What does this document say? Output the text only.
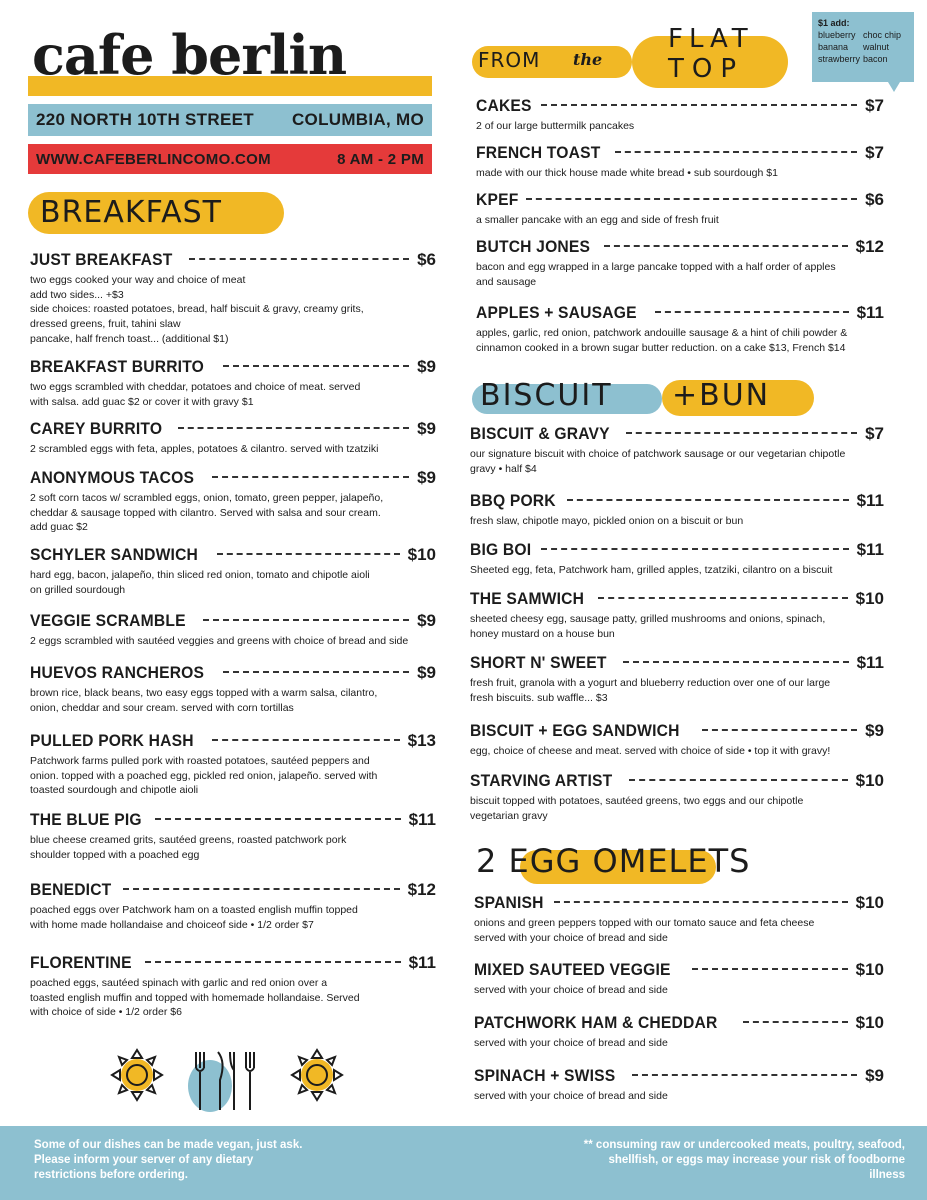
cafe berlin
220 NORTH 10TH STREET COLUMBIA, MO
WWW.CAFEBERLINCOMO.COM	8 AM - 2 PM
BREAKFAST
FROM the
FLAT
TOP
$1 add:
blueberry choc chip
banana	walnut
strawberry bacon
BISCUIT +BUN
2 EGG OMELETS
JUST BREAKFAST	$6
two eggs cooked your way and choice of meat
add two sides... +$3
side choices: roasted potatoes, bread, half biscuit & gravy, creamy grits,
dressed greens, fruit, tahini slaw
pancake, half french toast... (additional $1)
BREAKFAST BURRITO	$9
two eggs scrambled with cheddar, potatoes and choice of meat. served
with salsa. add guac $2 or cover it with gravy $1
CAREY BURRITO	$9
2 scrambled eggs with feta, apples, potatoes & cilantro. served with tzatziki
ANONYMOUS TACOS	$9
2 soft corn tacos w/ scrambled eggs, onion, tomato, green pepper, jalapeño,
cheddar & sausage topped with cilantro. Served with salsa and sour cream.
add guac $2
SCHYLER SANDWICH	$10
hard egg, bacon, jalapeño, thin sliced red onion, tomato and chipotle aioli
on grilled sourdough
VEGGIE SCRAMBLE	$9
2 eggs scrambled with sautéed veggies and greens with choice of bread and side
HUEVOS RANCHEROS	$9
brown rice, black beans, two easy eggs topped with a warm salsa, cilantro,
onion, cheddar and sour cream. served with corn tortillas
PULLED PORK HASH	$13
Patchwork farms pulled pork with roasted potatoes, sautéed peppers and
onion. topped with a poached egg, pickled red onion, jalapeño. served with
toasted sourdough and chipotle aioli
THE BLUE PIG	$11
blue cheese creamed grits, sautéed greens, roasted patchwork pork
shoulder topped with a poached egg
BENEDICT	$12
poached eggs over Patchwork ham on a toasted english muffin topped
with home made hollandaise and choiceof side • 1/2 order $7
FLORENTINE	$11
poached eggs, sautéed spinach with garlic and red onion over a
toasted english muffin and topped with homemade hollandaise. Served
with choice of side • 1/2 order $6
CAKES	$7
2 of our large buttermilk pancakes
FRENCH TOAST	$7
made with our thick house made white bread • sub sourdough $1
KPEF	$6
a smaller pancake with an egg and side of fresh fruit
BUTCH JONES	$12
bacon and egg wrapped in a large pancake topped with a half order of apples
and sausage
APPLES + SAUSAGE	$11
apples, garlic, red onion, patchwork andouille sausage & a hint of chili powder &
cinnamon cooked in a brown sugar butter reduction. on a cake $13, French $14
BISCUIT & GRAVY	$7
our signature biscuit with choice of patchwork sausage or our vegetarian chipotle
gravy • half $4
BBQ PORK	$11
fresh slaw, chipotle mayo, pickled onion on a biscuit or bun
BIG BOI	$11
Sheeted egg, feta, Patchwork ham, grilled apples, tzatziki, cilantro on a biscuit
THE SAMWICH	$10
sheeted cheesy egg, sausage patty, grilled mushrooms and onions, spinach,
honey mustard on a house bun
SHORT N' SWEET	$11
fresh fruit, granola with a yogurt and blueberry reduction over one of our large
fresh biscuits. sub waffle... $3
BISCUIT + EGG SANDWICH	$9
egg, choice of cheese and meat. served with choice of side • top it with gravy!
STARVING ARTIST	$10
biscuit topped with potatoes, sautéed greens, two eggs and our chipotle
vegetarian gravy
SPANISH	$10
onions and green peppers topped with our tomato sauce and feta cheese
served with your choice of bread and side
MIXED SAUTEED VEGGIE	$10
served with your choice of bread and side
PATCHWORK HAM & CHEDDAR	$10
served with your choice of bread and side
SPINACH + SWISS	$9
served with your choice of bread and side
Some of our dishes can be made vegan, just ask. Please inform your server of any dietary restrictions before ordering.
** consuming raw or undercooked meats, poultry, seafood, shellfish, or eggs may increase your risk of foodborne illness
